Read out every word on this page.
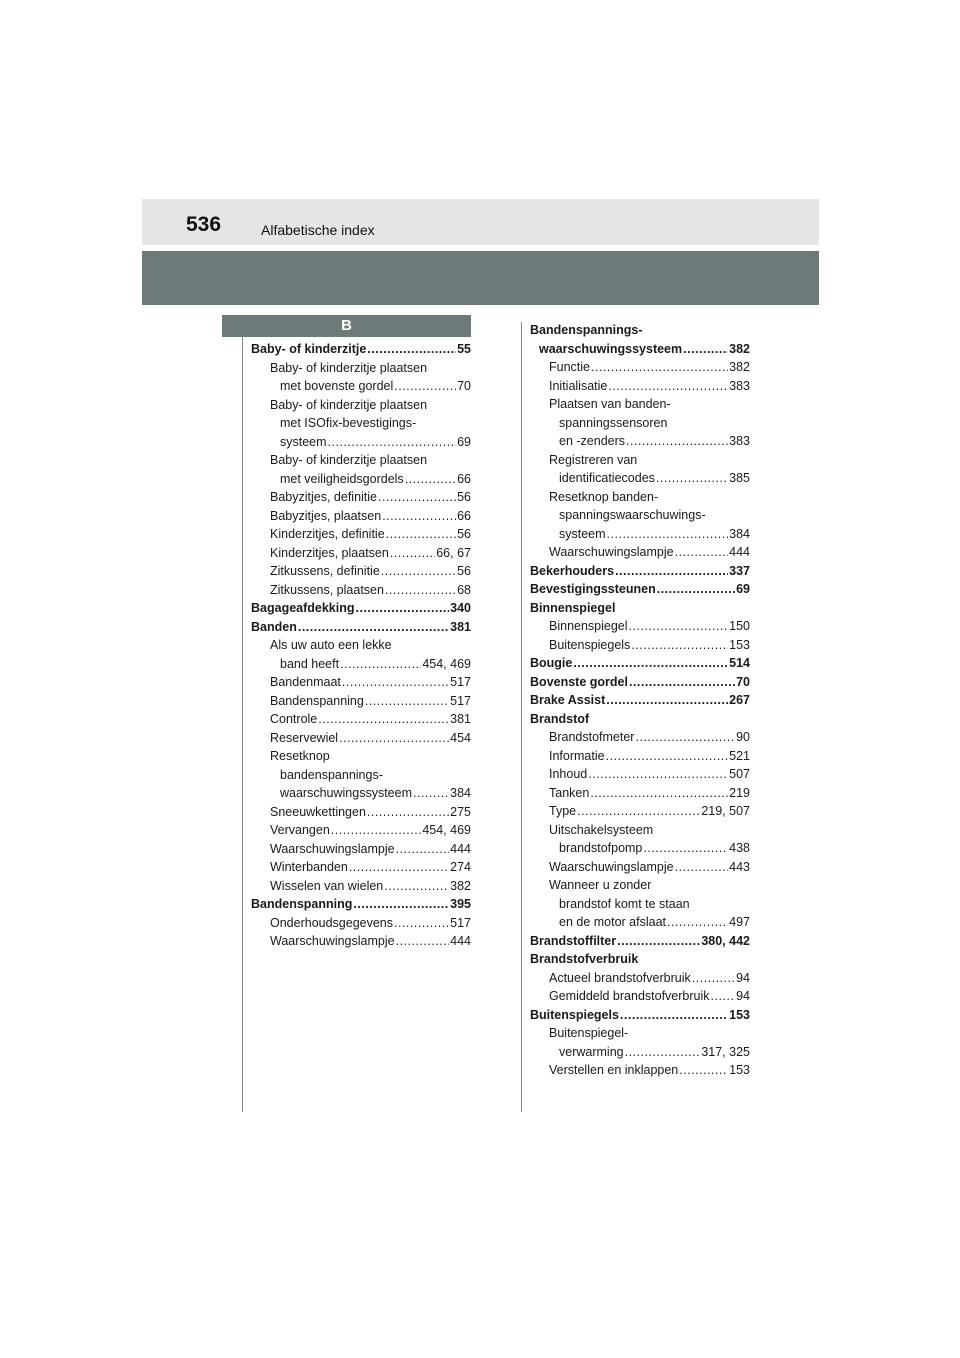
536	Alfabetische index
B
Baby- of kinderzitje .....	55
Baby- of kinderzitje plaatsen
met bovenste gordel .....	70
Baby- of kinderzitje plaatsen
met ISOfix-bevestigings-
systeem .....	69
Baby- of kinderzitje plaatsen
met veiligheidsgordels .....	66
Babyzitjes, definitie .....	56
Babyzitjes, plaatsen .....	66
Kinderzitjes, definitie .....	56
Kinderzitjes, plaatsen .....	66, 67
Zitkussens, definitie .....	56
Zitkussens, plaatsen .....	68
Bagageafdekking .....	340
Banden .....	381
Als uw auto een lekke
band heeft .....	454, 469
Bandenmaat .....	517
Bandenspanning .....	517
Controle .....	381
Reservewiel .....	454
Resetknop
bandenspannings-
waarschuwingssysteem .....	384
Sneeuwkettingen .....	275
Vervangen .....	454, 469
Waarschuwingslampje .....	444
Winterbanden .....	274
Wisselen van wielen .....	382
Bandenspanning .....	395
Onderhoudsgegevens .....	517
Waarschuwingslampje .....	444
Bandenspannings-
waarschuwingssysteem .....	382
Functie .....	382
Initialisatie .....	383
Plaatsen van banden-
spanningssensoren
en -zenders .....	383
Registreren van
identificatiecodes .....	385
Resetknop banden-
spanningswaarschuwings-
systeem .....	384
Waarschuwingslampje .....	444
Bekerhouders .....	337
Bevestigingssteunen .....	69
Binnenspiegel
Binnenspiegel .....	150
Buitenspiegels .....	153
Bougie .....	514
Bovenste gordel .....	70
Brake Assist .....	267
Brandstof
Brandstofmeter .....	90
Informatie .....	521
Inhoud .....	507
Tanken .....	219
Type .....	219, 507
Uitschakelsysteem
brandstofpomp .....	438
Waarschuwingslampje .....	443
Wanneer u zonder
brandstof komt te staan
en de motor afslaat .....	497
Brandstoffilter .....	380, 442
Brandstofverbruik
Actueel brandstofverbruik .....	94
Gemiddeld brandstofverbruik ..... 94
Buitenspiegels .....	153
Buitenspiegel-
verwarming .....	317, 325
Verstellen en inklappen .....	153
